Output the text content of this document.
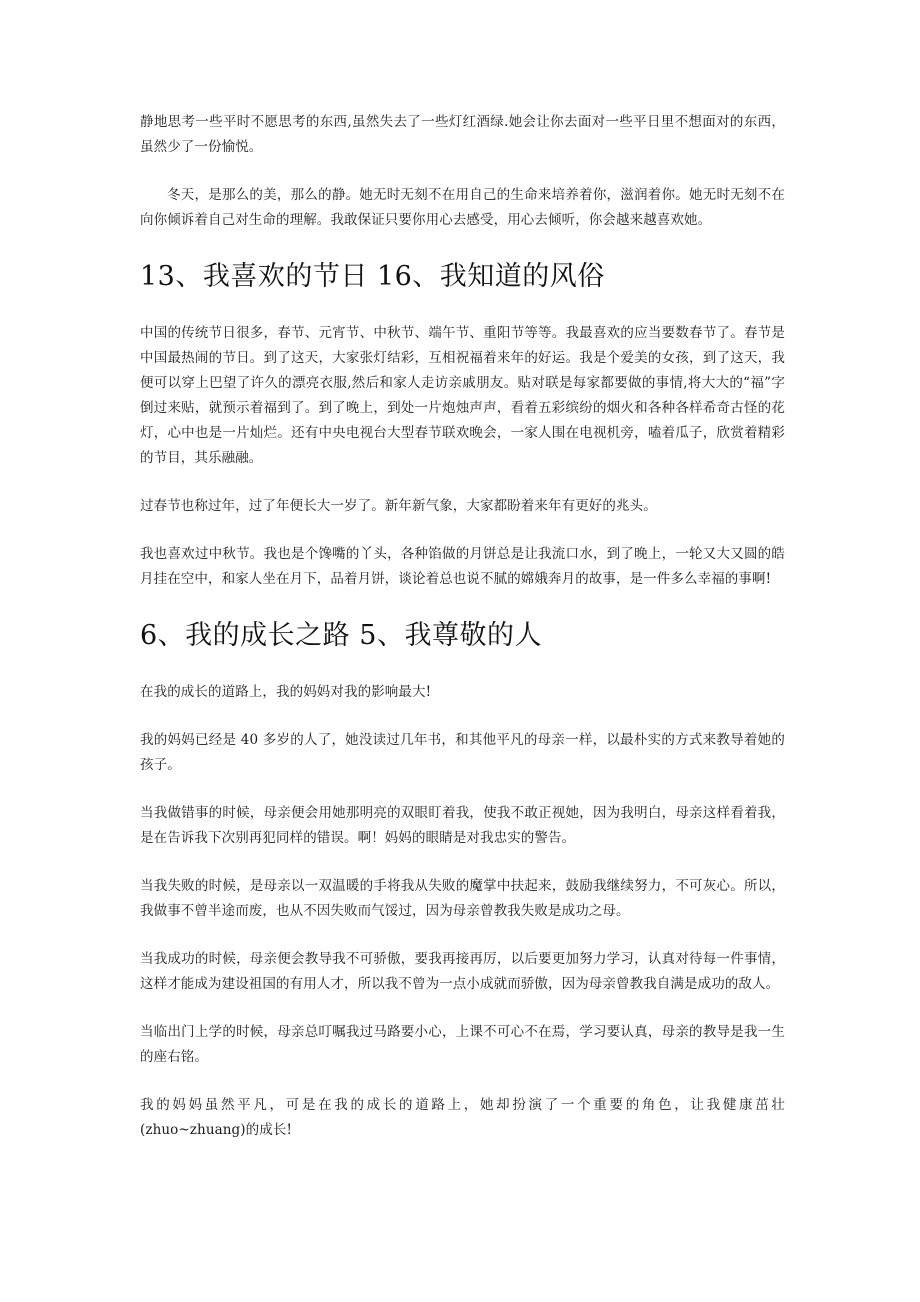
静地思考一些平时不愿思考的东西,虽然失去了一些灯红酒绿.她会让你去面对一些平日里不想面对的东西，虽然少了一份愉悦。

冬天，是那么的美，那么的静。她无时无刻不在用自己的生命来培养着你，滋润着你。她无时无刻不在向你倾诉着自己对生命的理解。我敢保证只要你用心去感受，用心去倾听，你会越来越喜欢她。

13、我喜欢的节日 16、我知道的风俗

中国的传统节日很多，春节、元宵节、中秋节、端午节、重阳节等等。我最喜欢的应当要数春节了。春节是中国最热闹的节日。到了这天，大家张灯结彩，互相祝福着来年的好运。我是个爱美的女孩，到了这天，我便可以穿上巴望了许久的漂亮衣服,然后和家人走访亲戚朋友。贴对联是每家都要做的事情,将大大的“福”字倒过来贴，就预示着福到了。到了晚上，到处一片炮烛声声，看着五彩缤纷的烟火和各种各样希奇古怪的花灯，心中也是一片灿烂。还有中央电视台大型春节联欢晚会，一家人围在电视机旁，嗑着瓜子，欣赏着精彩的节目，其乐融融。

过春节也称过年，过了年便长大一岁了。新年新气象，大家都盼着来年有更好的兆头。

我也喜欢过中秋节。我也是个馋嘴的丫头，各种馅做的月饼总是让我流口水，到了晚上，一轮又大又圆的皓月挂在空中，和家人坐在月下，品着月饼，谈论着总也说不腻的嫦娥奔月的故事，是一件多么幸福的事啊!

6、我的成长之路 5、我尊敬的人

在我的成长的道路上，我的妈妈对我的影响最大!

我的妈妈已经是 40 多岁的人了，她没读过几年书，和其他平凡的母亲一样，以最朴实的方式来教导着她的孩子。

当我做错事的时候，母亲便会用她那明亮的双眼盯着我，使我不敢正视她，因为我明白，母亲这样看着我，是在告诉我下次别再犯同样的错误。啊！妈妈的眼睛是对我忠实的警告。

当我失败的时候，是母亲以一双温暖的手将我从失败的魔掌中扶起来，鼓励我继续努力，不可灰心。所以，我做事不曾半途而废，也从不因失败而气馁过，因为母亲曾教我失败是成功之母。

当我成功的时候，母亲便会教导我不可骄傲，要我再接再厉，以后要更加努力学习，认真对待每一件事情，这样才能成为建设祖国的有用人才，所以我不曾为一点小成就而骄傲，因为母亲曾教我自满是成功的敌人。

当临出门上学的时候，母亲总叮嘱我过马路要小心，上课不可心不在焉，学习要认真，母亲的教导是我一生的座右铭。

我的妈妈虽然平凡，可是在我的成长的道路上，她却扮演了一个重要的角色，让我健康茁壮(zhuo~zhuang)的成长!
